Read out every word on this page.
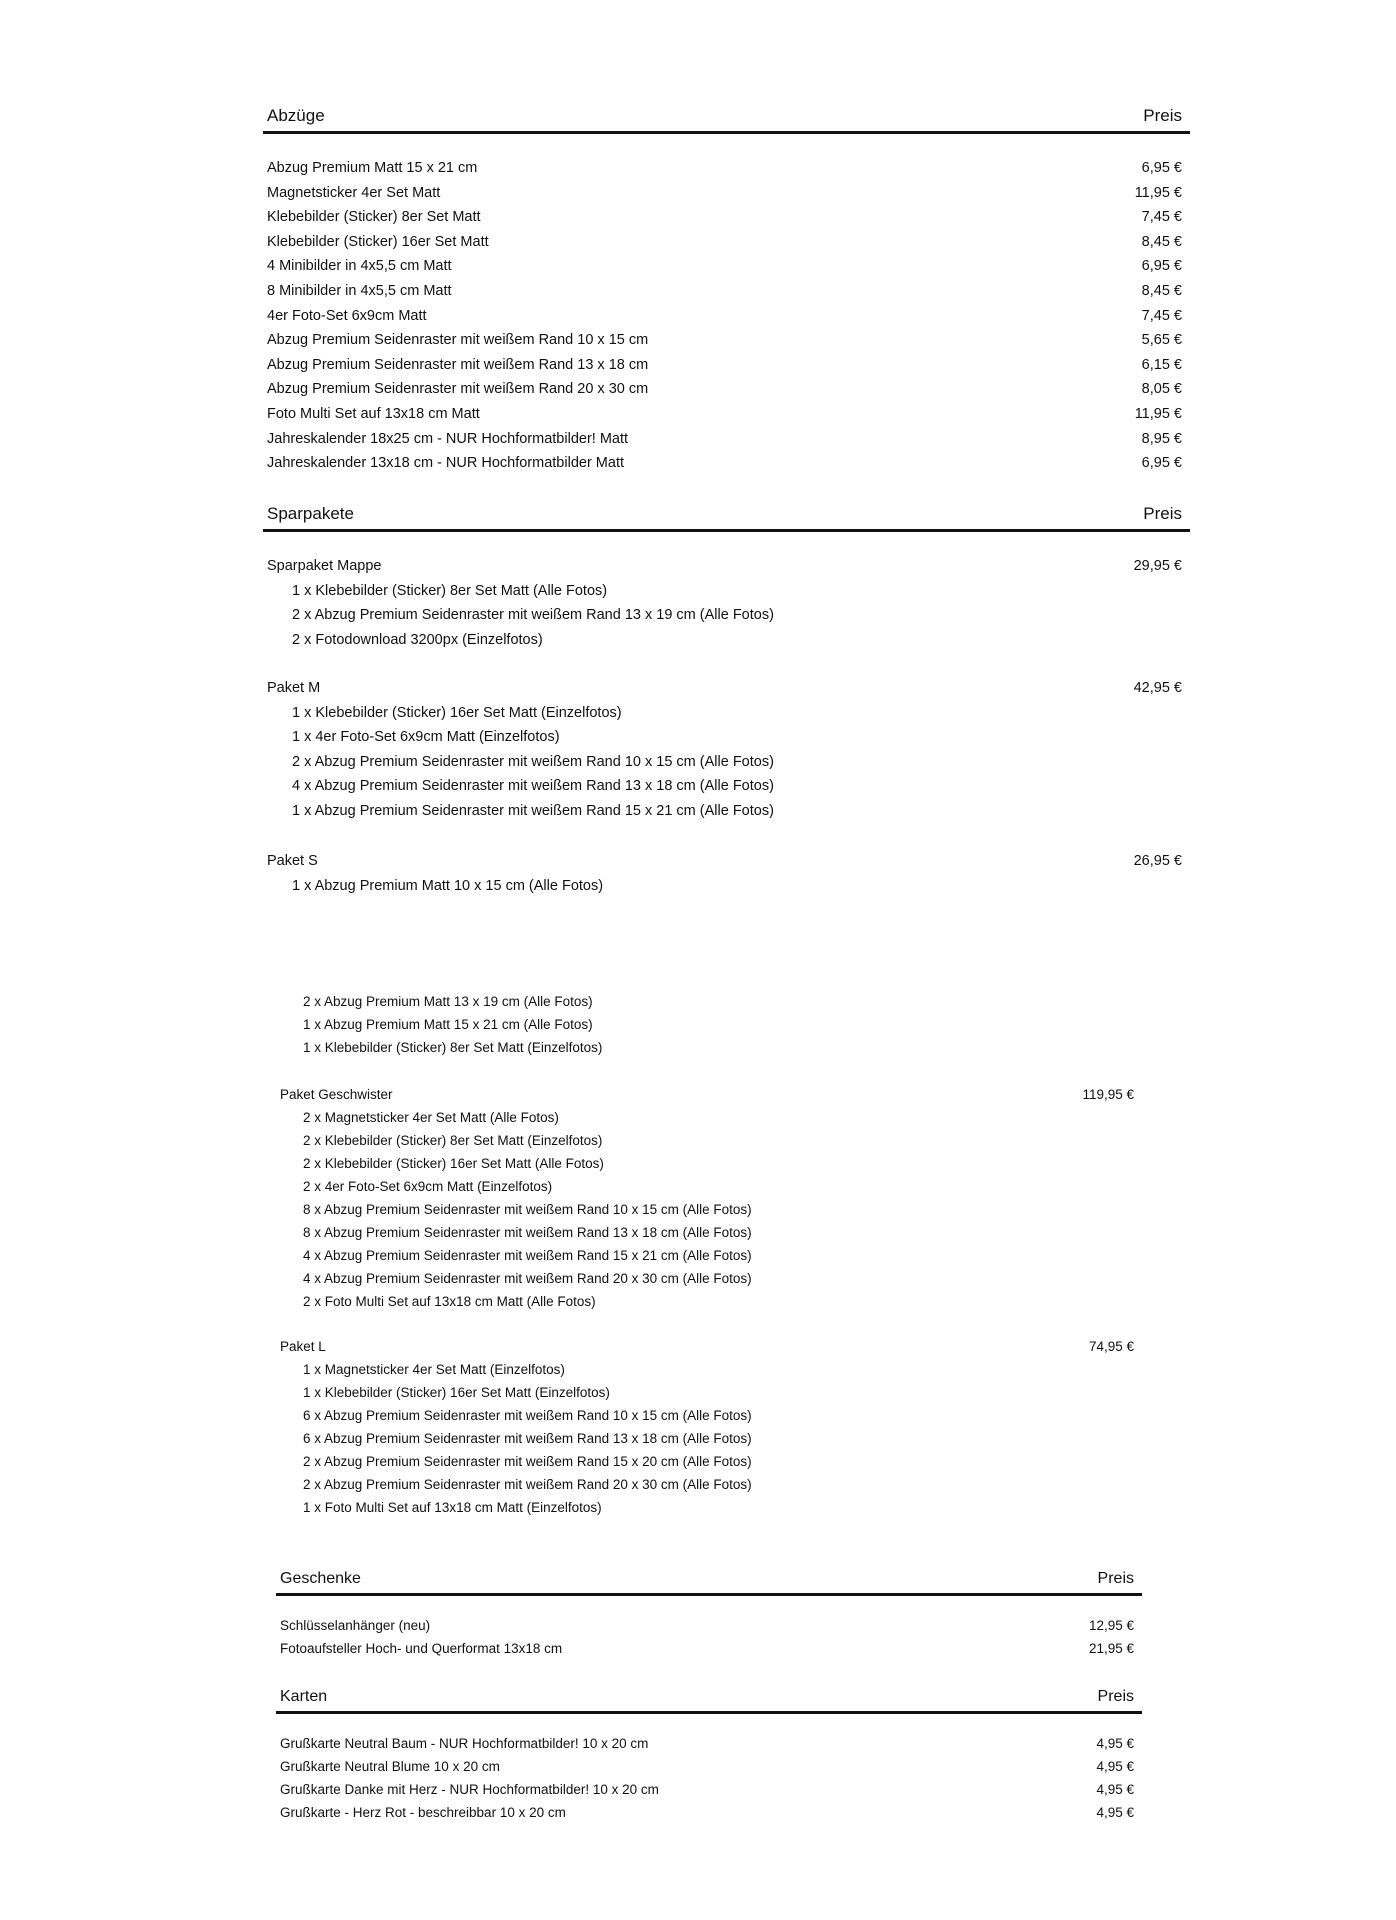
Abzüge	Preis
Abzug Premium Matt 15 x 21 cm	6,95 €
Magnetsticker 4er Set Matt	11,95 €
Klebebilder (Sticker) 8er Set Matt	7,45 €
Klebebilder (Sticker) 16er Set Matt	8,45 €
4 Minibilder in 4x5,5 cm Matt	6,95 €
8 Minibilder in 4x5,5 cm Matt	8,45 €
4er Foto-Set 6x9cm Matt	7,45 €
Abzug Premium Seidenraster mit weißem Rand 10 x 15 cm	5,65 €
Abzug Premium Seidenraster mit weißem Rand 13 x 18 cm	6,15 €
Abzug Premium Seidenraster mit weißem Rand 20 x 30 cm	8,05 €
Foto Multi Set auf 13x18 cm Matt	11,95 €
Jahreskalender 18x25 cm - NUR Hochformatbilder! Matt	8,95 €
Jahreskalender 13x18 cm - NUR Hochformatbilder Matt	6,95 €
Sparpakete	Preis
Sparpaket Mappe	29,95 €
1 x Klebebilder (Sticker) 8er Set Matt (Alle Fotos)
2 x Abzug Premium Seidenraster mit weißem Rand 13 x 19 cm (Alle Fotos)
2 x Fotodownload 3200px (Einzelfotos)
Paket M	42,95 €
1 x Klebebilder (Sticker) 16er Set Matt (Einzelfotos)
1 x 4er Foto-Set 6x9cm Matt (Einzelfotos)
2 x Abzug Premium Seidenraster mit weißem Rand 10 x 15 cm (Alle Fotos)
4 x Abzug Premium Seidenraster mit weißem Rand 13 x 18 cm (Alle Fotos)
1 x Abzug Premium Seidenraster mit weißem Rand 15 x 21 cm (Alle Fotos)
Paket S	26,95 €
1 x Abzug Premium Matt 10 x 15 cm (Alle Fotos)
2 x Abzug Premium Matt 13 x 19 cm (Alle Fotos)
1 x Abzug Premium Matt 15 x 21 cm (Alle Fotos)
1 x Klebebilder (Sticker) 8er Set Matt (Einzelfotos)
Paket Geschwister	119,95 €
2 x Magnetsticker 4er Set Matt (Alle Fotos)
2 x Klebebilder (Sticker) 8er Set Matt (Einzelfotos)
2 x Klebebilder (Sticker) 16er Set Matt (Alle Fotos)
2 x 4er Foto-Set 6x9cm Matt (Einzelfotos)
8 x Abzug Premium Seidenraster mit weißem Rand 10 x 15 cm (Alle Fotos)
8 x Abzug Premium Seidenraster mit weißem Rand 13 x 18 cm (Alle Fotos)
4 x Abzug Premium Seidenraster mit weißem Rand 15 x 21 cm (Alle Fotos)
4 x Abzug Premium Seidenraster mit weißem Rand 20 x 30 cm (Alle Fotos)
2 x Foto Multi Set auf 13x18 cm Matt (Alle Fotos)
Paket L	74,95 €
1 x Magnetsticker 4er Set Matt (Einzelfotos)
1 x Klebebilder (Sticker) 16er Set Matt (Einzelfotos)
6 x Abzug Premium Seidenraster mit weißem Rand 10 x 15 cm (Alle Fotos)
6 x Abzug Premium Seidenraster mit weißem Rand 13 x 18 cm (Alle Fotos)
2 x Abzug Premium Seidenraster mit weißem Rand 15 x 20 cm (Alle Fotos)
2 x Abzug Premium Seidenraster mit weißem Rand 20 x 30 cm (Alle Fotos)
1 x Foto Multi Set auf 13x18 cm Matt (Einzelfotos)
Geschenke	Preis
Schlüsselanhänger (neu)	12,95 €
Fotoaufsteller Hoch- und Querformat 13x18 cm	21,95 €
Karten	Preis
Grußkarte Neutral Baum - NUR Hochformatbilder! 10 x 20 cm	4,95 €
Grußkarte Neutral Blume 10 x 20 cm	4,95 €
Grußkarte Danke mit Herz - NUR Hochformatbilder! 10 x 20 cm	4,95 €
Grußkarte - Herz Rot - beschreibbar 10 x 20 cm	4,95 €
